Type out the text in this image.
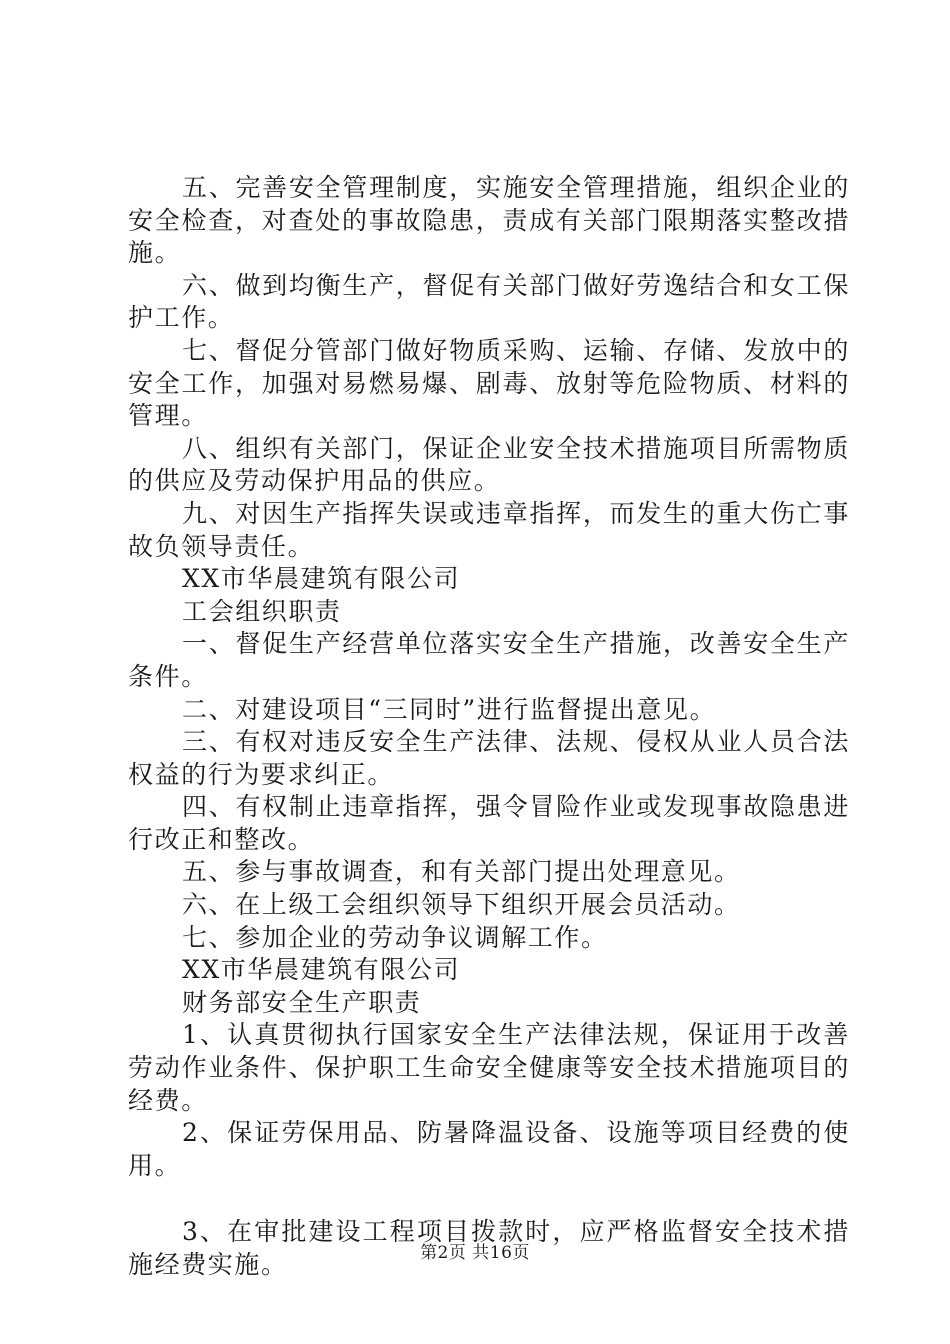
五、完善安全管理制度，实施安全管理措施，组织企业的安全检查，对查处的事故隐患，责成有关部门限期落实整改措施。

六、做到均衡生产，督促有关部门做好劳逸结合和女工保护工作。

七、督促分管部门做好物质采购、运输、存储、发放中的安全工作，加强对易燃易爆、剧毒、放射等危险物质、材料的管理。

八、组织有关部门，保证企业安全技术措施项目所需物质的供应及劳动保护用品的供应。

九、对因生产指挥失误或违章指挥，而发生的重大伤亡事故负领导责任。

XX市华晨建筑有限公司

工会组织职责

一、督促生产经营单位落实安全生产措施，改善安全生产条件。

二、对建设项目“三同时”进行监督提出意见。

三、有权对违反安全生产法律、法规、侵权从业人员合法权益的行为要求纠正。

四、有权制止违章指挥，强令冒险作业或发现事故隐患进行改正和整改。

五、参与事故调查，和有关部门提出处理意见。

六、在上级工会组织领导下组织开展会员活动。

七、参加企业的劳动争议调解工作。

XX市华晨建筑有限公司

财务部安全生产职责

1、认真贯彻执行国家安全生产法律法规，保证用于改善劳动作业条件、保护职工生命安全健康等安全技术措施项目的经费。

2、保证劳保用品、防暑降温设备、设施等项目经费的使用。

3、在审批建设工程项目拨款时，应严格监督安全技术措施经费实施。	第2页 共16页
